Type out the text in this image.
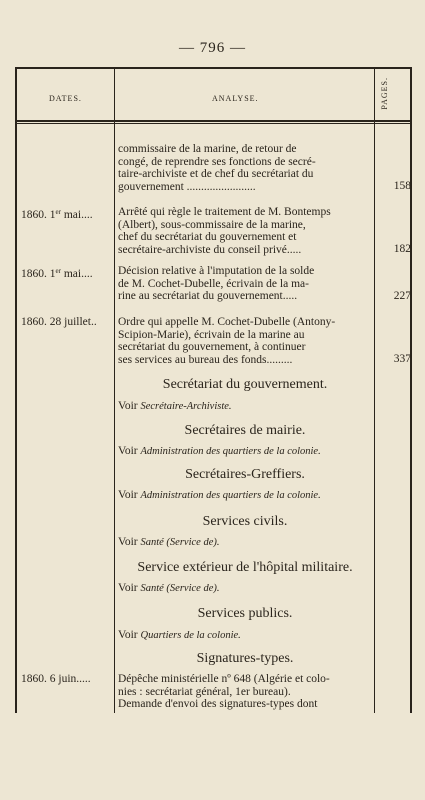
— 796 —
DATES.	ANALYSE.	PAGES.
commissaire de la marine, de retour de
congé, de reprendre ses fonctions de secré-
taire-archiviste et de chef du secrétariat du
gouvernement ........................	158
1860. 1er mai....	Arrêté qui règle le traitement de M. Bontemps
(Albert), sous-commissaire de la marine,
chef du secrétariat du gouvernement et
secrétaire-archiviste du conseil privé.....	182
1860. 1er mai....	Décision relative à l'imputation de la solde
de M. Cochet-Dubelle, écrivain de la ma-
rine au secrétariat du gouvernement.....	227
1860. 28 juillet..	Ordre qui appelle M. Cochet-Dubelle (Antony-
Scipion-Marie), écrivain de la marine au
secrétariat du gouvernement, à continuer
ses services au bureau des fonds.........	337
Secrétariat du gouvernement.
Voir Secrétaire-Archiviste.
Secrétaires de mairie.
Voir Administration des quartiers de la colonie.
Secrétaires-Greffiers.
Voir Administration des quartiers de la colonie.
Services civils.
Voir Santé (Service de).
Service extérieur de l'hôpital militaire.
Voir Santé (Service de).
Services publics.
Voir Quartiers de la colonie.
Signatures-types.
1860. 6 juin.....	Dépêche ministérielle nº 648 (Algérie et colo-
nies : secrétariat général, 1er bureau).
Demande d'envoi des signatures-types dont
